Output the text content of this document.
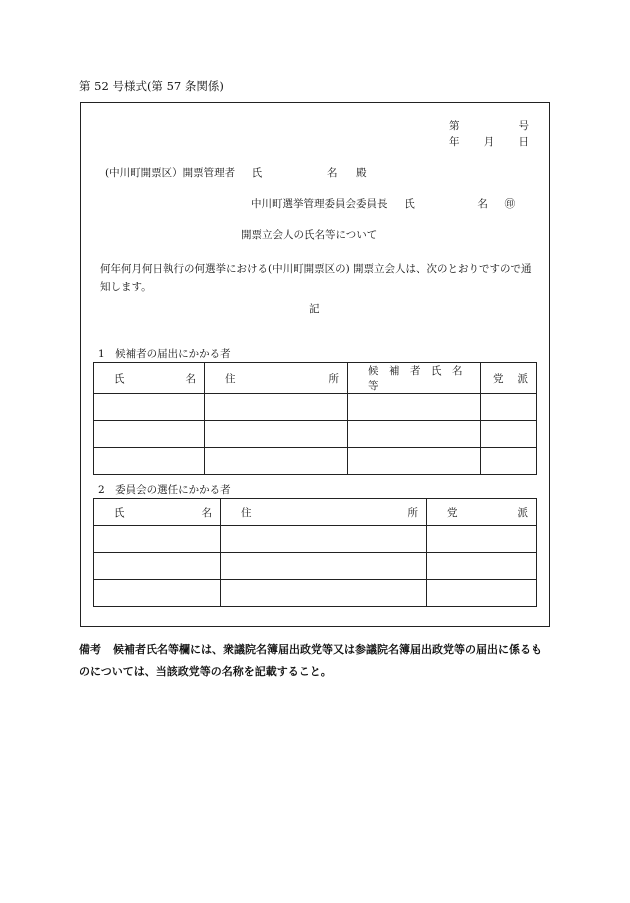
第 52 号様式(第 57 条関係)
第	号
年 月 日
(中川町開票区）開票管理者 氏	名 殿
中川町選挙管理委員会委員長 氏	名 ㊞
開票立会人の氏名等について
何年何月何日執行の何選挙における(中川町開票区の) 開票立会人は、次のとおりですので通知します。
記
1　候補者の届出にかかる者
氏 名	住 所	候　補　者　氏　名等	党 派

2　委員会の選任にかかる者
氏 名	住 所	党 派

備考 候補者氏名等欄には、衆議院名簿届出政党等又は参議院名簿届出政党等の届出に係るものについては、当該政党等の名称を記載すること。
